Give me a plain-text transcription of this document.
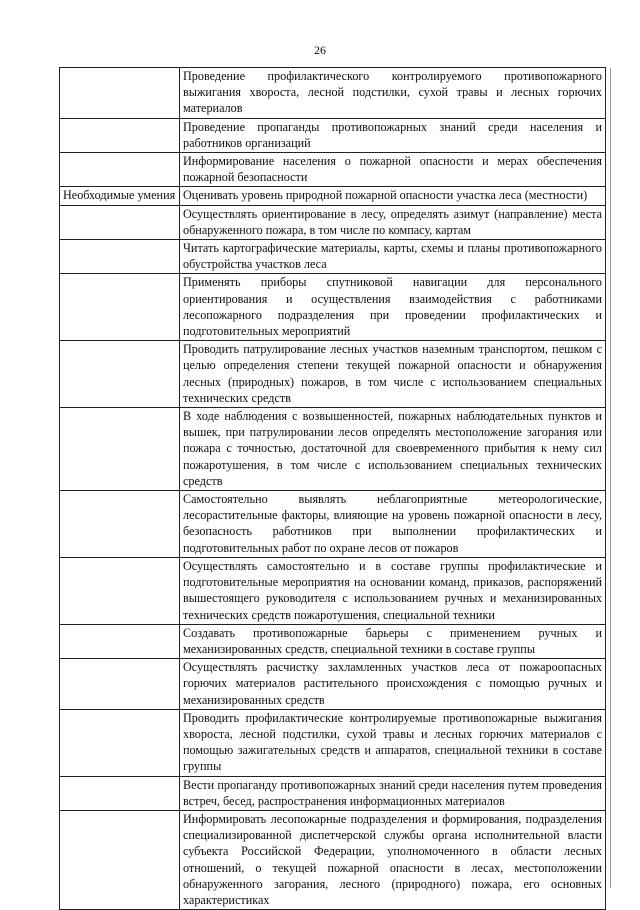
26
	Проведение профилактического контролируемого противопожарного выжигания хвороста, лесной подстилки, сухой травы и лесных горючих материалов
	Проведение пропаганды противопожарных знаний среди населения и работников организаций
	Информирование населения о пожарной опасности и мерах обеспечения пожарной безопасности
Необходимые умения	Оценивать уровень природной пожарной опасности участка леса (местности)
	Осуществлять ориентирование в лесу, определять азимут (направление) места обнаруженного пожара, в том числе по компасу, картам
	Читать картографические материалы, карты, схемы и планы противопожарного обустройства участков леса
	Применять приборы спутниковой навигации для персонального ориентирования и осуществления взаимодействия с работниками лесопожарного подразделения при проведении профилактических и подготовительных мероприятий
	Проводить патрулирование лесных участков наземным транспортом, пешком с целью определения степени текущей пожарной опасности и обнаружения лесных (природных) пожаров, в том числе с использованием специальных технических средств
	В ходе наблюдения с возвышенностей, пожарных наблюдательных пунктов и вышек, при патрулировании лесов определять местоположение загорания или пожара с точностью, достаточной для своевременного прибытия к нему сил пожаротушения, в том числе с использованием специальных технических средств
	Самостоятельно выявлять неблагоприятные метеорологические, лесорастительные факторы, влияющие на уровень пожарной опасности в лесу, безопасность работников при выполнении профилактических и подготовительных работ по охране лесов от пожаров
	Осуществлять самостоятельно и в составе группы профилактические и подготовительные мероприятия на основании команд, приказов, распоряжений вышестоящего руководителя с использованием ручных и механизированных технических средств пожаротушения, специальной техники
	Создавать противопожарные барьеры с применением ручных и механизированных средств, специальной техники в составе группы
	Осуществлять расчистку захламленных участков леса от пожароопасных горючих материалов растительного происхождения с помощью ручных и механизированных средств
	Проводить профилактические контролируемые противопожарные выжигания хвороста, лесной подстилки, сухой травы и лесных горючих материалов с помощью зажигательных средств и аппаратов, специальной техники в составе группы
	Вести пропаганду противопожарных знаний среди населения путем проведения встреч, бесед, распространения информационных материалов
	Информировать лесопожарные подразделения и формирования, подразделения специализированной диспетчерской службы органа исполнительной власти субъекта Российской Федерации, уполномоченного в области лесных отношений, о текущей пожарной опасности в лесах, местоположении обнаруженного загорания, лесного (природного) пожара, его основных характеристиках
